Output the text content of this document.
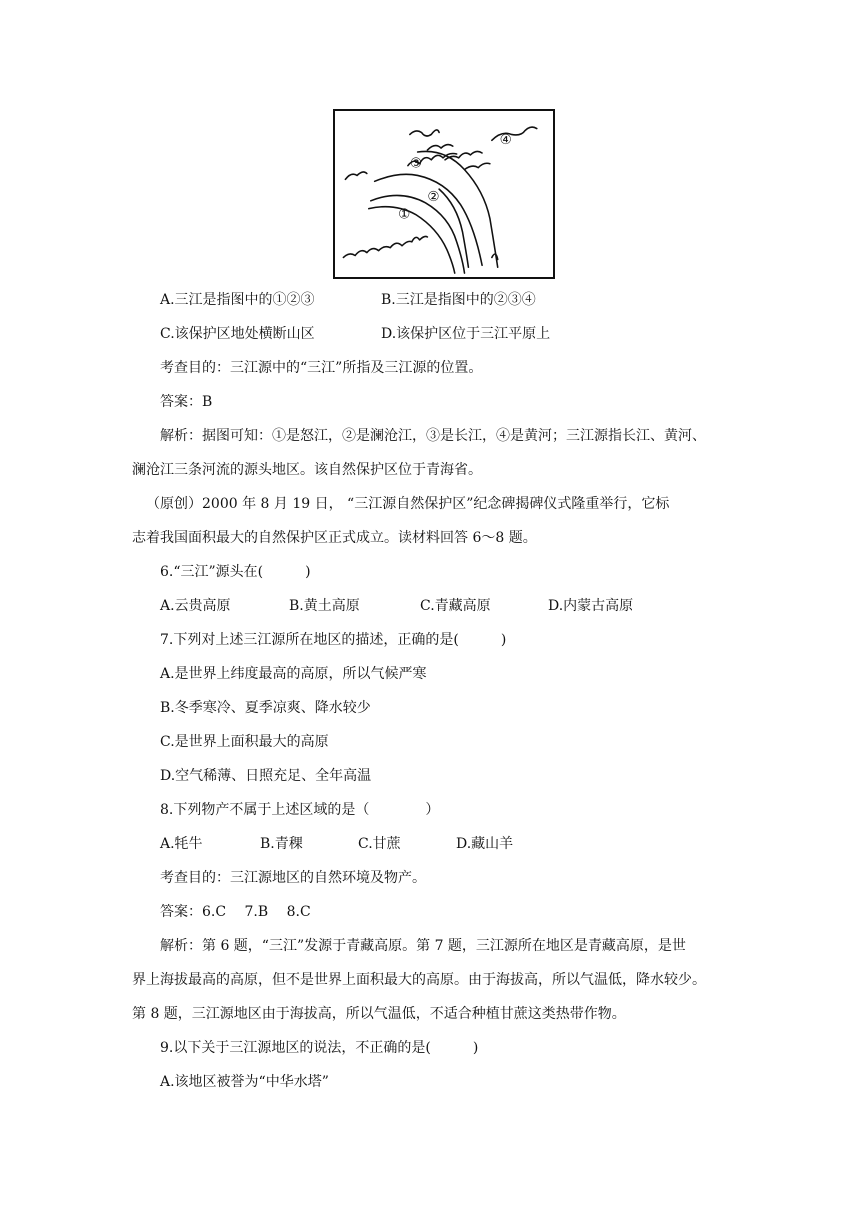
①
②
③
④
A.三江是指图中的①②③	B.三江是指图中的②③④
C.该保护区地处横断山区	D.该保护区位于三江平原上
考查目的：三江源中的“三江”所指及三江源的位置。
答案：B
解析：据图可知：①是怒江，②是澜沧江，③是长江，④是黄河；三江源指长江、黄河、
澜沧江三条河流的源头地区。该自然保护区位于青海省。
（原创）2000 年 8 月 19 日， “三江源自然保护区”纪念碑揭碑仪式隆重举行，它标
志着我国面积最大的自然保护区正式成立。读材料回答 6～8 题。
6.“三江”源头在(　　　)
A.云贵高原	B.黄土高原	C.青藏高原	D.内蒙古高原
7.下列对上述三江源所在地区的描述，正确的是(　　　)
A.是世界上纬度最高的高原，所以气候严寒
B.冬季寒冷、夏季凉爽、降水较少
C.是世界上面积最大的高原
D.空气稀薄、日照充足、全年高温
8.下列物产不属于上述区域的是（　　　　）
A.牦牛	B.青稞	C.甘蔗	D.藏山羊
考查目的：三江源地区的自然环境及物产。
答案：6.C　 7.B　 8.C
解析：第 6 题，“三江”发源于青藏高原。第 7 题，三江源所在地区是青藏高原，是世
界上海拔最高的高原，但不是世界上面积最大的高原。由于海拔高，所以气温低，降水较少。
第 8 题，三江源地区由于海拔高，所以气温低，不适合种植甘蔗这类热带作物。
9.以下关于三江源地区的说法，不正确的是(　　　)
A.该地区被誉为“中华水塔”
